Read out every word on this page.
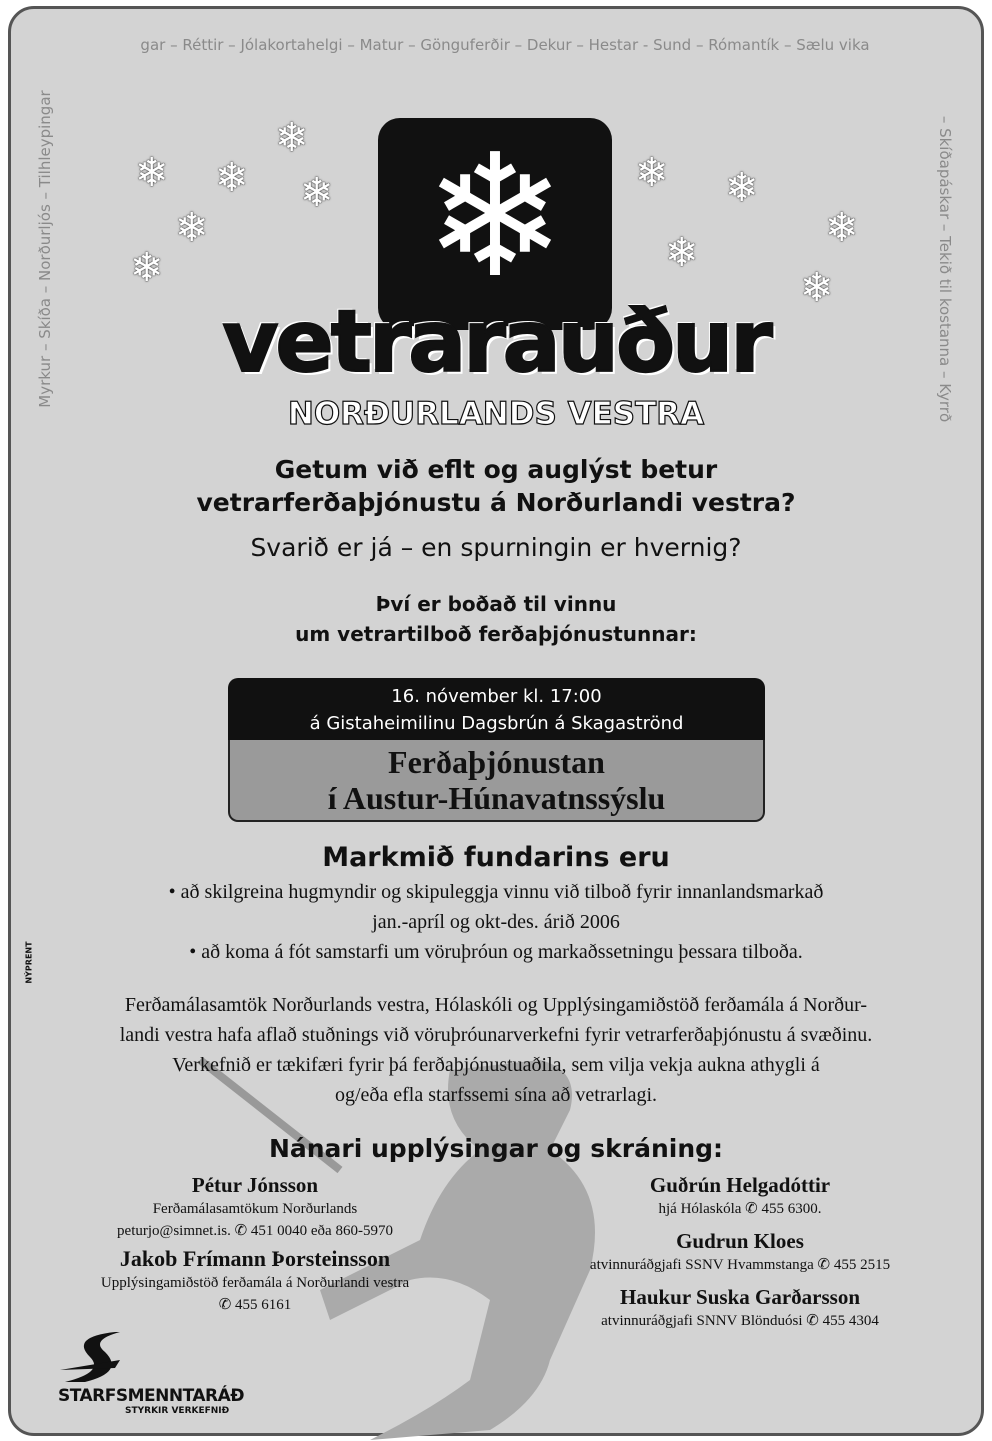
gar – Réttir – Jólakortahelgi – Matur – Gönguferðir – Dekur – Hestar - Sund – Rómantík – Sælu vika
Myrkur – Skíða – Norðurljós – Tilhleypingar	– Skíðapáskar – Tekið til kostanna – Kyrrð
❄ ❄
❄
❄
❄
❄
❄ ❄
❄
❄
❄
❄
vetrarauður
NORÐURLANDS VESTRA
Getum við eflt og auglýst betur
vetrarferðaþjónustu á Norðurlandi vestra?
Svarið er já – en spurningin er hvernig?
Því er boðað til vinnu
um vetrartilboð ferðaþjónustunnar:
16. nóvember kl. 17:00
á Gistaheimilinu Dagsbrún á Skagaströnd
Ferðaþjónustan
í Austur-Húnavatnssýslu
Markmið fundarins eru
• að skilgreina hugmyndir og skipuleggja vinnu við tilboð fyrir innanlandsmarkað
jan.-apríl og okt-des. árið 2006
• að koma á fót samstarfi um vöruþróun og markaðssetningu þessara tilboða.
Ferðamálasamtök Norðurlands vestra, Hólaskóli og Upplýsingamiðstöð ferðamála á Norður-
landi vestra hafa aflað stuðnings við vöruþróunarverkefni fyrir vetrarferðaþjónustu á svæðinu.
Verkefnið er tækifæri fyrir þá ferðaþjónustuaðila, sem vilja vekja aukna athygli á
og/eða efla starfssemi sína að vetrarlagi.
Nánari upplýsingar og skráning:
Pétur Jónsson
Ferðamálasamtökum Norðurlands
peturjo@simnet.is. ✆ 451 0040 eða 860-5970
Jakob Frímann Þorsteinsson
Upplýsingamiðstöð ferðamála á Norðurlandi vestra
✆ 455 6161
Guðrún Helgadóttir
hjá Hólaskóla ✆ 455 6300.
Gudrun Kloes
atvinnuráðgjafi SSNV Hvammstanga ✆ 455 2515
Haukur Suska Garðarsson
atvinnuráðgjafi SNNV Blönduósi ✆ 455 4304
STARFSMENNTARÁÐ
STYRKIR VERKEFNIÐ
NÝPRENT
